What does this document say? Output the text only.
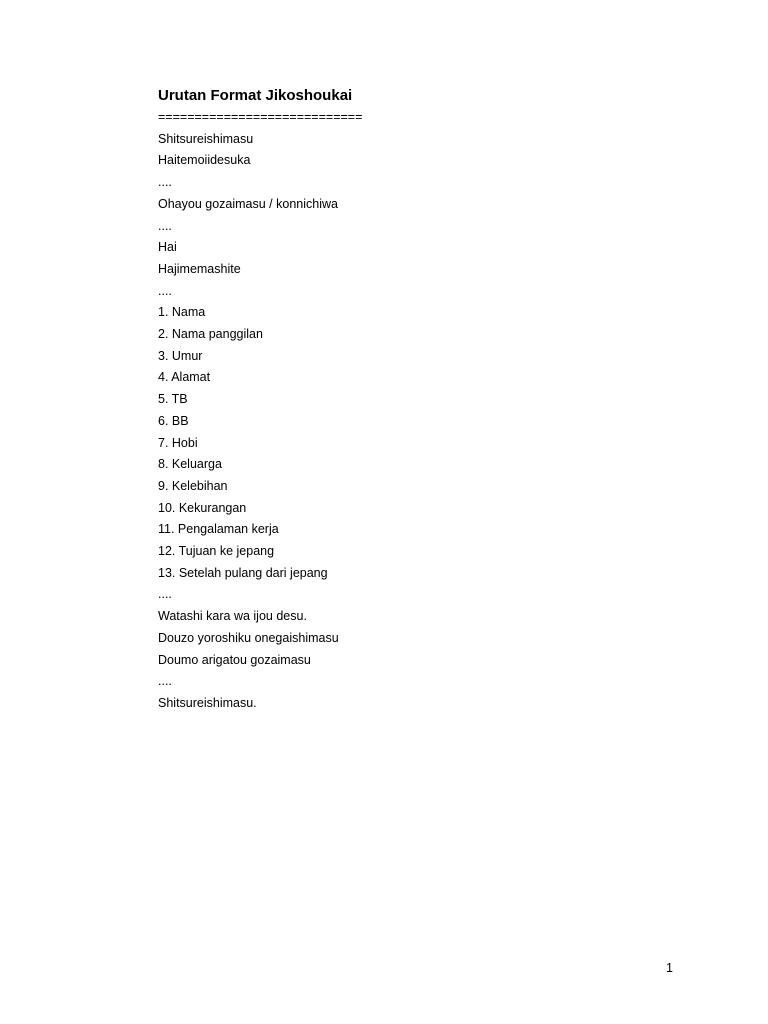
Urutan Format Jikoshoukai
============================
Shitsureishimasu
Haitemoiidesuka
....
Ohayou gozaimasu / konnichiwa
....
Hai
Hajimemashite
....
1. Nama
2. Nama panggilan
3. Umur
4. Alamat
5. TB
6. BB
7. Hobi
8. Keluarga
9. Kelebihan
10. Kekurangan
11. Pengalaman kerja
12. Tujuan ke jepang
13. Setelah pulang dari jepang
....
Watashi kara wa ijou desu.
Douzo yoroshiku onegaishimasu
Doumo arigatou gozaimasu
....
Shitsureishimasu.
1
